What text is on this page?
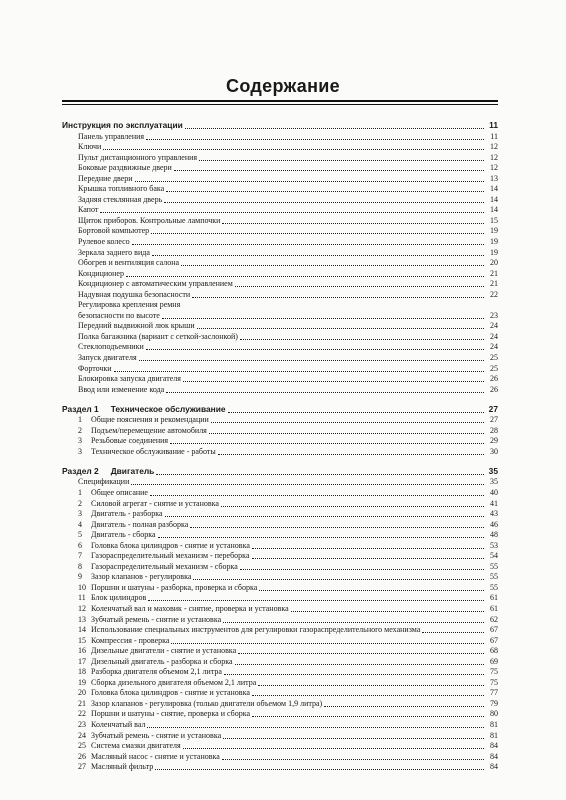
Содержание
Инструкция по эксплуатации	11
Панель управления	11
Ключи	12
Пульт дистанционного управления	12
Боковые раздвижные двери	12
Передние двери	13
Крышка топливного бака	14
Задняя стеклянная дверь	14
Капот	14
Щиток приборов. Контрольные лампочки	15
Бортовой компьютер	19
Рулевое колесо	19
Зеркала заднего вида	19
Обогрев и вентиляция салона	20
Кондиционер	21
Кондиционер с автоматическим управлением	21
Надувная подушка безопасности	22
Регулировка крепления ремня
безопасности по высоте	23
Передний выдвижной люк крыши	24
Полка багажника (вариант с сеткой-заслонкой)	24
Стеклоподъемники	24
Запуск двигателя	25
Форточки	25
Блокировка запуска двигателя	26
Ввод или изменение кода	26
Раздел 1 Техническое обслуживание	27
1	Общие пояснения и рекомендации	27
2	Подъем/перемещение автомобиля	28
3	Резьбовые соединения	29
3	Техническое обслуживание - работы	30
Раздел 2 Двигатель	35
Спецификации	35
1	Общее описание	40
2	Силовой агрегат - снятие и установка	41
3	Двигатель - разборка	43
4	Двигатель - полная разборка	46
5	Двигатель - сборка	48
6	Головка блока цилиндров - снятие и установка	53
7	Газораспределительный механизм - переборка	54
8	Газораспределительный механизм - сборка	55
9	Зазор клапанов - регулировка	55
10 Поршни и шатуны - разборка, проверка и сборка	55
11 Блок цилиндров	61
12 Коленчатый вал и маховик - снятие, проверка и установка	61
13 Зубчатый ремень - снятие и установка	62
14 Использование специальных инструментов для регулировки газораспределительного механизма	67
15 Компрессия - проверка	67
16 Дизельные двигатели - снятие и установка	68
17 Дизельный двигатель - разборка и сборка	69
18 Разборка двигателя объемом 2,1 литра	75
19 Сборка дизельного двигателя объемом 2,1 литра	75
20 Головка блока цилиндров - снятие и установка	77
21 Зазор клапанов - регулировка (только двигатели объемом 1,9 литра)	79
22 Поршни и шатуны - снятие, проверка и сборка	80
23 Коленчатый вал	81
24 Зубчатый ремень - снятие и установка	81
25 Система смазки двигателя	84
26 Масляный насос - снятие и установка	84
27 Масляный фильтр	84
